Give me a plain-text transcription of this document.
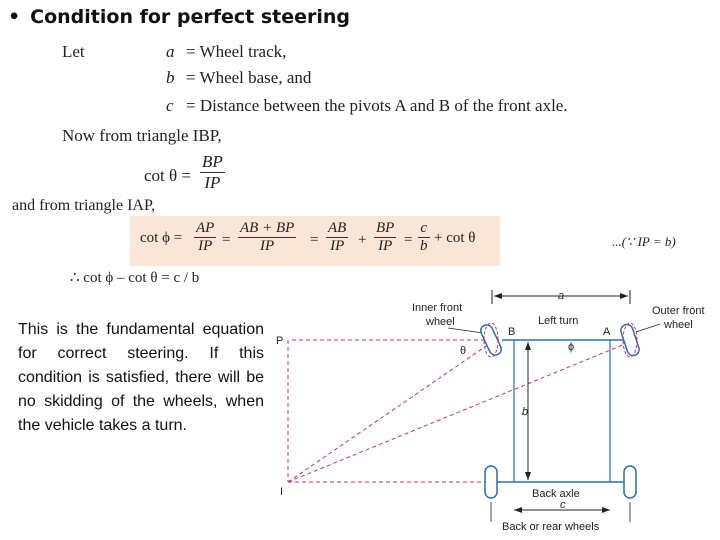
• Condition for perfect steering
Let	a = Wheel track,
b = Wheel base, and
c = Distance between the pivots A and B of the front axle.
Now from triangle IBP,
$\cot \theta = \frac{BP}{IP}$
and from triangle IAP,
$\cot \phi = \frac{AP}{IP} = \frac{AB + BP}{IP} = \frac{AB}{IP} + \frac{BP}{IP} = \frac{c}{b} + \cot \theta$	...(∵ IP = b)
∴ cot ϕ – cot θ = c / b
This is the fundamental equation for correct steering. If this condition is satisfied, there will be no skidding of the wheels, when the vehicle takes a turn.
a
Inner front
wheel
Outer front
wheel
Left turn
P
B	A
I
θ	ϕ
b
Back axle
c
Back or rear wheels
